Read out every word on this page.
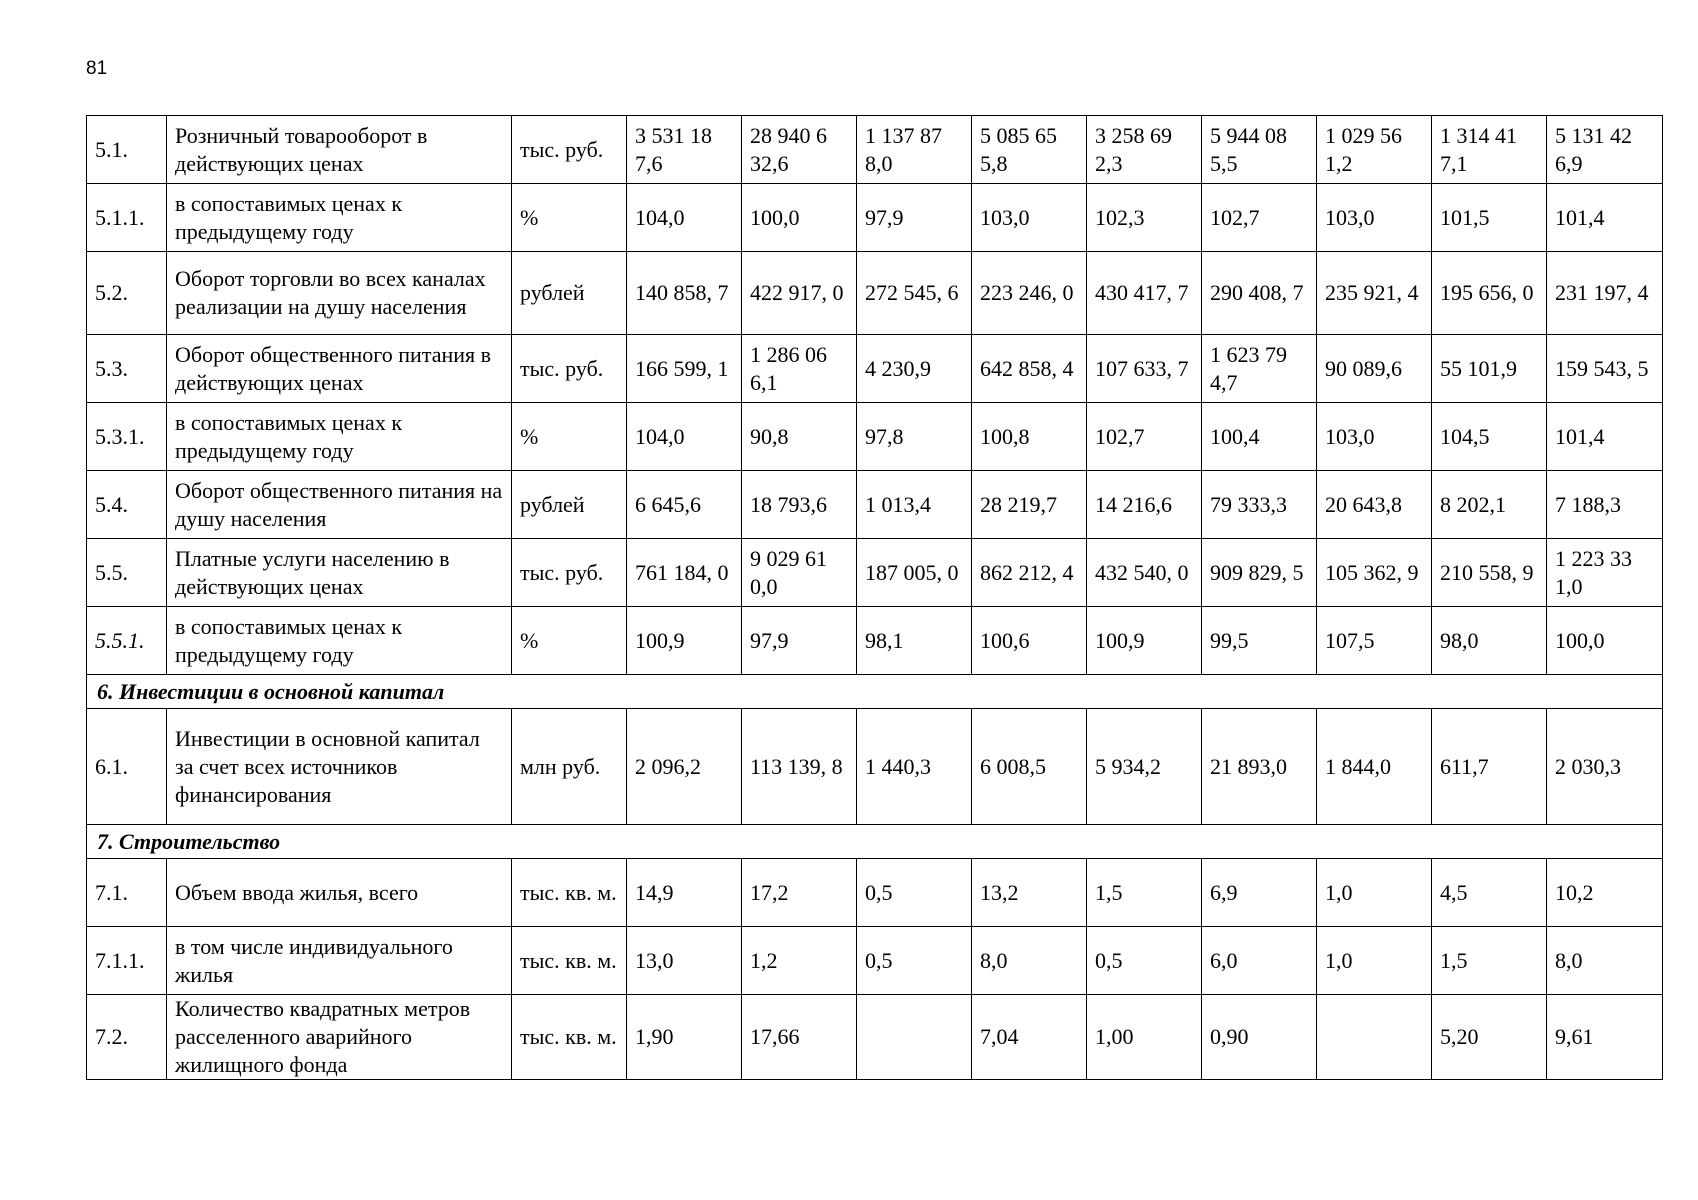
81
5.1.	Розничный товарооборот в действующих ценах	тыс. руб.	3 531 18 7,6	28 940 6 32,6	1 137 87 8,0	5 085 65 5,8	3 258 69 2,3	5 944 08 5,5	1 029 56 1,2	1 314 41 7,1	5 131 42 6,9
5.1.1.	в сопоставимых ценах к предыдущему году	%	104,0	100,0	97,9	103,0	102,3	102,7	103,0	101,5	101,4
5.2.	Оборот торговли во всех каналах реализации на душу населения	рублей	140 858, 7	422 917, 0	272 545, 6	223 246, 0	430 417, 7	290 408, 7	235 921, 4	195 656, 0	231 197, 4
5.3.	Оборот общественного питания в действующих ценах	тыс. руб.	166 599, 1	1 286 06 6,1	4 230,9	642 858, 4	107 633, 7	1 623 79 4,7	90 089,6	55 101,9	159 543, 5
5.3.1.	в сопоставимых ценах к предыдущему году	%	104,0	90,8	97,8	100,8	102,7	100,4	103,0	104,5	101,4
5.4.	Оборот общественного питания на душу населения	рублей	6 645,6	18 793,6	1 013,4	28 219,7	14 216,6	79 333,3	20 643,8	8 202,1	7 188,3
5.5.	Платные услуги населению в действующих ценах	тыс. руб.	761 184, 0	9 029 61 0,0	187 005, 0	862 212, 4	432 540, 0	909 829, 5	105 362, 9	210 558, 9	1 223 33 1,0
5.5.1.	в сопоставимых ценах к предыдущему году	%	100,9	97,9	98,1	100,6	100,9	99,5	107,5	98,0	100,0
6. Инвестиции в основной капитал											
6.1.	Инвестиции в основной капитал за счет всех источников финансирования	млн руб.	2 096,2	113 139, 8	1 440,3	6 008,5	5 934,2	21 893,0	1 844,0	611,7	2 030,3
7. Строительство											
7.1.	Объем ввода жилья, всего	тыс. кв. м.	14,9	17,2	0,5	13,2	1,5	6,9	1,0	4,5	10,2
7.1.1.	в том числе индивидуального жилья	тыс. кв. м.	13,0	1,2	0,5	8,0	0,5	6,0	1,0	1,5	8,0
7.2.	Количество квадратных метров расселенного аварийного жилищного фонда	тыс. кв. м.	1,90	17,66		7,04	1,00	0,90		5,20	9,61
